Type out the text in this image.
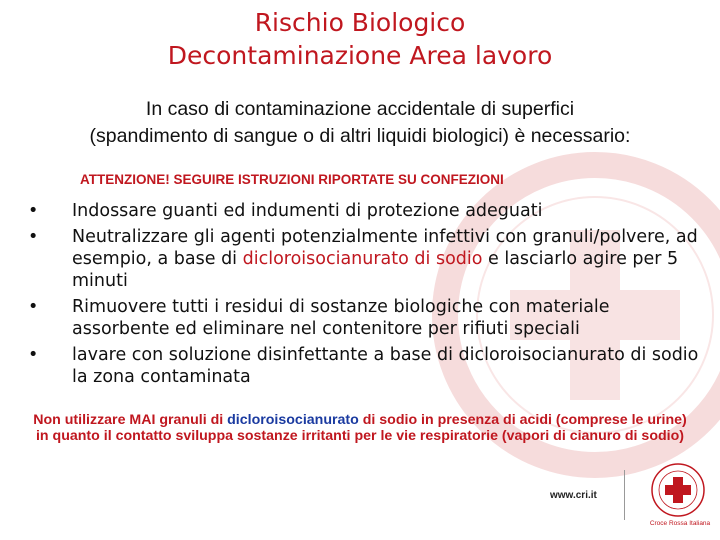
Rischio Biologico
Decontaminazione Area lavoro
In caso di contaminazione accidentale di superfici
(spandimento di sangue o di altri liquidi biologici) è necessario:
ATTENZIONE! SEGUIRE ISTRUZIONI RIPORTATE SU CONFEZIONI
• Indossare guanti ed indumenti di protezione adeguati
• Neutralizzare gli agenti potenzialmente infettivi con granuli/polvere, ad esempio, a base di dicloroisocianurato di sodio e lasciarlo agire per 5 minuti
• Rimuovere tutti i residui di sostanze biologiche con materiale assorbente ed eliminare nel contenitore per rifiuti speciali
• lavare con soluzione disinfettante a base di dicloroisocianurato di sodio la zona contaminata
Non utilizzare MAI granuli di dicloroisocianurato di sodio in presenza di acidi (comprese le urine) in quanto il contatto sviluppa sostanze irritanti per le vie respiratorie (vapori di cianuro di sodio)
www.cri.it
Croce Rossa Italiana
